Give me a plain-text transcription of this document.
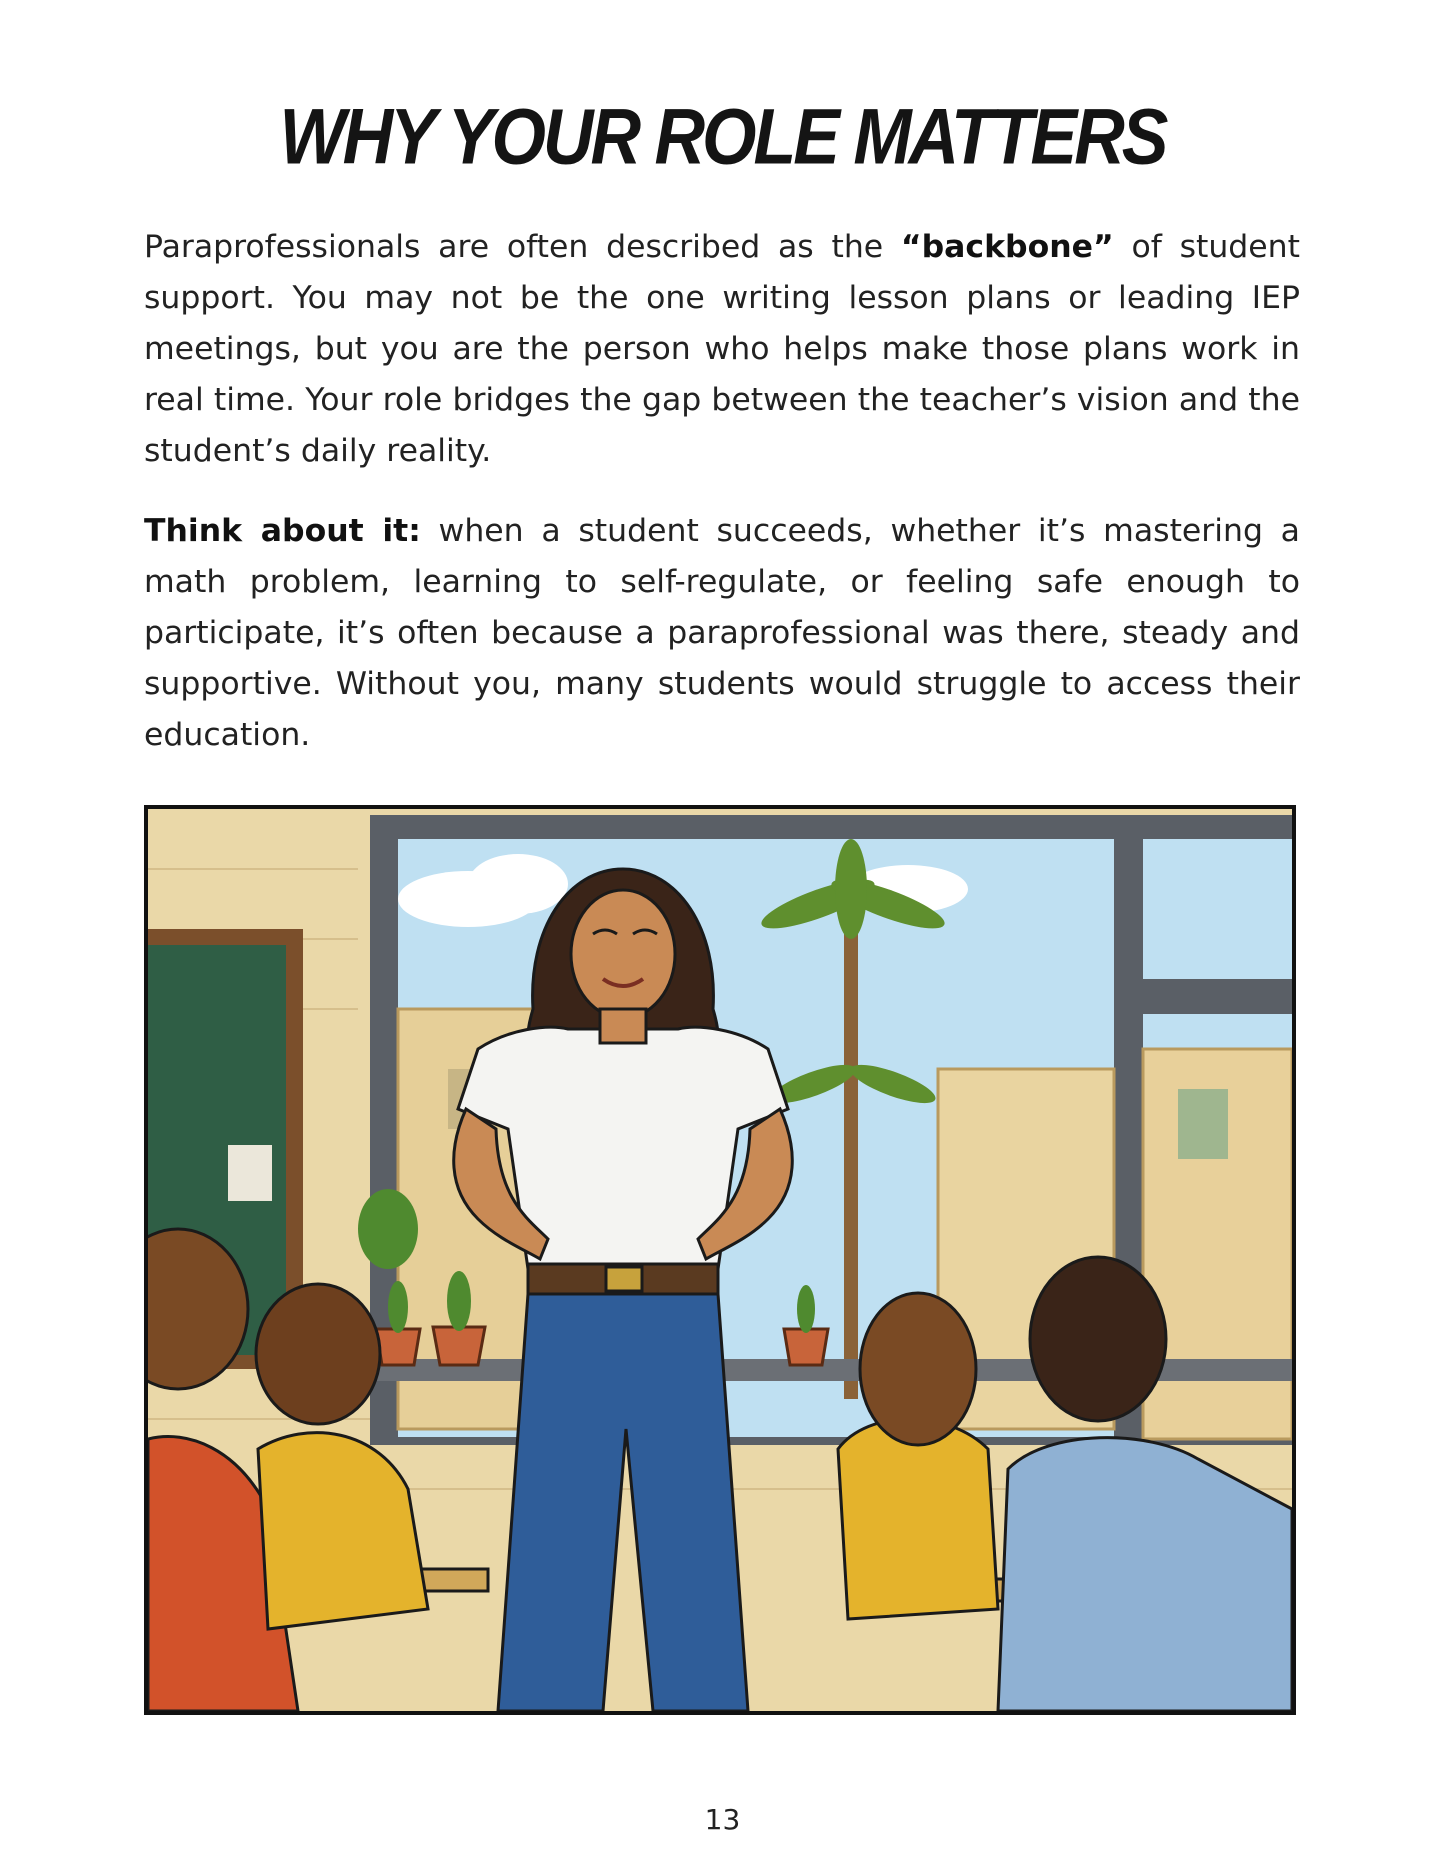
WHY YOUR ROLE MATTERS

Paraprofessionals are often described as the “backbone” of student support. You may not be the one writing lesson plans or leading IEP meetings, but you are the person who helps make those plans work in real time. Your role bridges the gap between the teacher’s vision and the student’s daily reality.

Think about it: when a student succeeds, whether it’s mastering a math problem, learning to self-regulate, or feeling safe enough to participate, it’s often because a paraprofessional was there, steady and supportive. Without you, many students would struggle to access their education.

13
